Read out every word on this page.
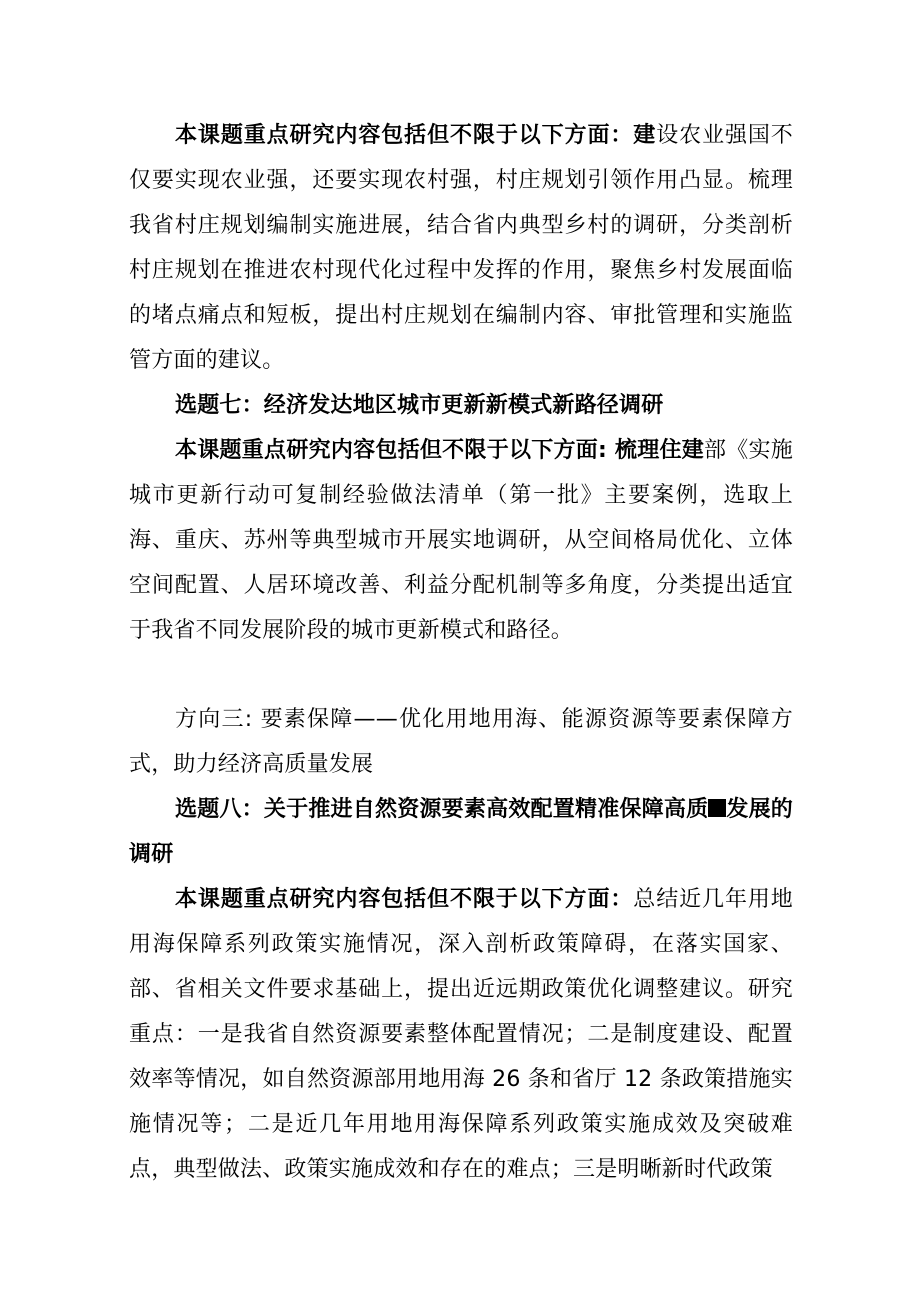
本课题重点研究内容包括但不限于以下方面：建设农业强国不仅要实现农业强，还要实现农村强，村庄规划引领作用凸显。梳理我省村庄规划编制实施进展，结合省内典型乡村的调研，分类剖析村庄规划在推进农村现代化过程中发挥的作用，聚焦乡村发展面临的堵点痛点和短板，提出村庄规划在编制内容、审批管理和实施监管方面的建议。

选题七：经济发达地区城市更新新模式新路径调研

本课题重点研究内容包括但不限于以下方面: 梳理住建部《实施城市更新行动可复制经验做法清单（第一批》主要案例，选取上海、重庆、苏州等典型城市开展实地调研，从空间格局优化、立体空间配置、人居环境改善、利益分配机制等多角度，分类提出适宜于我省不同发展阶段的城市更新模式和路径。

方向三: 要素保障——优化用地用海、能源资源等要素保障方式，助力经济高质量发展

选题八：关于推进自然资源要素高效配置精准保障高质 发展的调研

本课题重点研究内容包括但不限于以下方面：总结近几年用地用海保障系列政策实施情况，深入剖析政策障碍，在落实国家、部、省相关文件要求基础上，提出近远期政策优化调整建议。研究重点：一是我省自然资源要素整体配置情况；二是制度建设、配置效率等情况，如自然资源部用地用海 26 条和省厅 12 条政策措施实施情况等；二是近几年用地用海保障系列政策实施成效及突破难点，典型做法、政策实施成效和存在的难点；三是明晰新时代政策
